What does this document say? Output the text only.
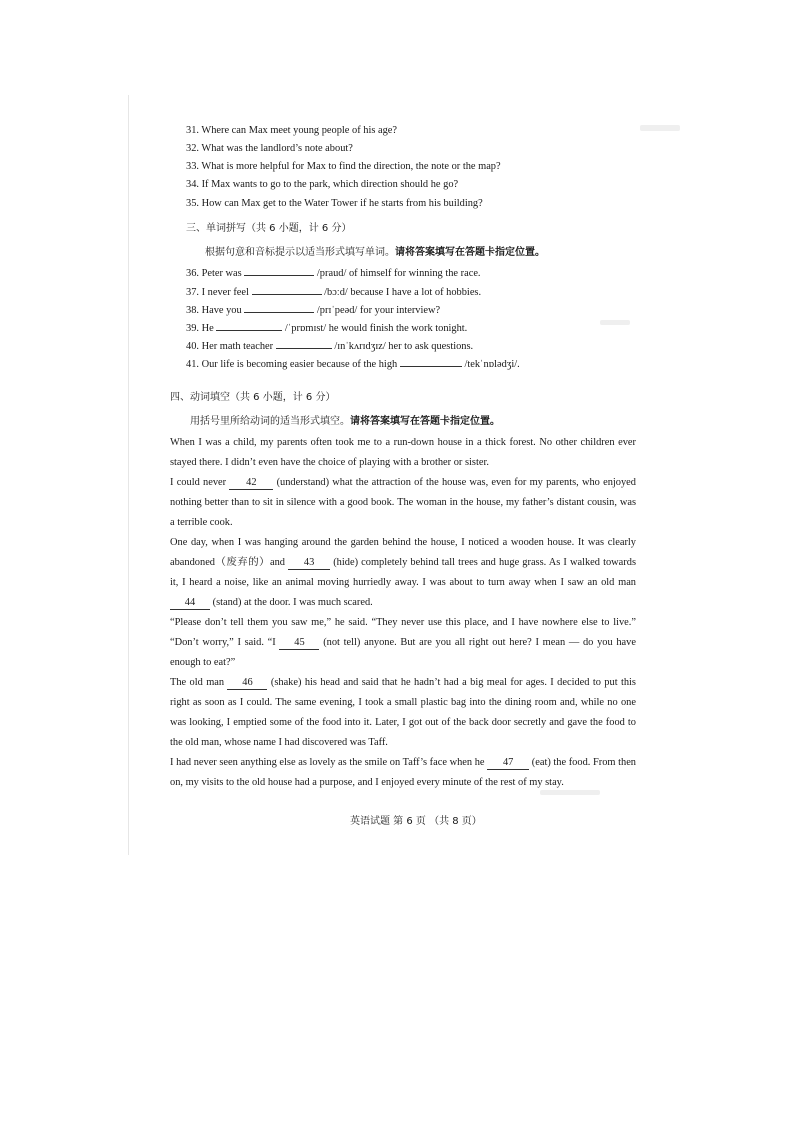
31. Where can Max meet young people of his age?
32. What was the landlord’s note about?
33. What is more helpful for Max to find the direction, the note or the map?
34. If Max wants to go to the park, which direction should he go?
35. How can Max get to the Water Tower if he starts from his building?
三、单词拼写（共 6 小题，计 6 分）
根据句意和音标提示以适当形式填写单词。请将答案填写在答题卡指定位置。
36. Peter was	/praud/ of himself for winning the race.
37. I never feel	/bɔːd/ because I have a lot of hobbies.
38. Have you	/prɪˈpeəd/ for your interview?
39. He	/ˈprɒmɪst/ he would finish the work tonight.
40. Her math teacher	/ɪnˈkʌrɪdʒɪz/ her to ask questions.
41. Our life is becoming easier because of the high	/tekˈnɒlədʒi/.
四、动词填空（共 6 小题，计 6 分）
用括号里所给动词的适当形式填空。请将答案填写在答题卡指定位置。
When I was a child, my parents often took me to a run-down house in a thick forest. No other children ever stayed there. I didn’t even have the choice of playing with a brother or sister.
I could never 42 (understand) what the attraction of the house was, even for my parents, who enjoyed nothing better than to sit in silence with a good book. The woman in the house, my father’s distant cousin, was a terrible cook.
One day, when I was hanging around the garden behind the house, I noticed a wooden house. It was clearly abandoned（废弃的）and 43 (hide) completely behind tall trees and huge grass. As I walked towards it, I heard a noise, like an animal moving hurriedly away. I was about to turn away when I saw an old man 44 (stand) at the door. I was much scared.
“Please don’t tell them you saw me,” he said. “They never use this place, and I have nowhere else to live.” “Don’t worry,” I said. “I 45 (not tell) anyone. But are you all right out here? I mean — do you have enough to eat?”
The old man 46 (shake) his head and said that he hadn’t had a big meal for ages. I decided to put this right as soon as I could. The same evening, I took a small plastic bag into the dining room and, while no one was looking, I emptied some of the food into it. Later, I got out of the back door secretly and gave the food to the old man, whose name I had discovered was Taff.
I had never seen anything else as lovely as the smile on Taff’s face when he 47 (eat) the food. From then on, my visits to the old house had a purpose, and I enjoyed every minute of the rest of my stay.
英语试题 第 6 页 （共 8 页）
